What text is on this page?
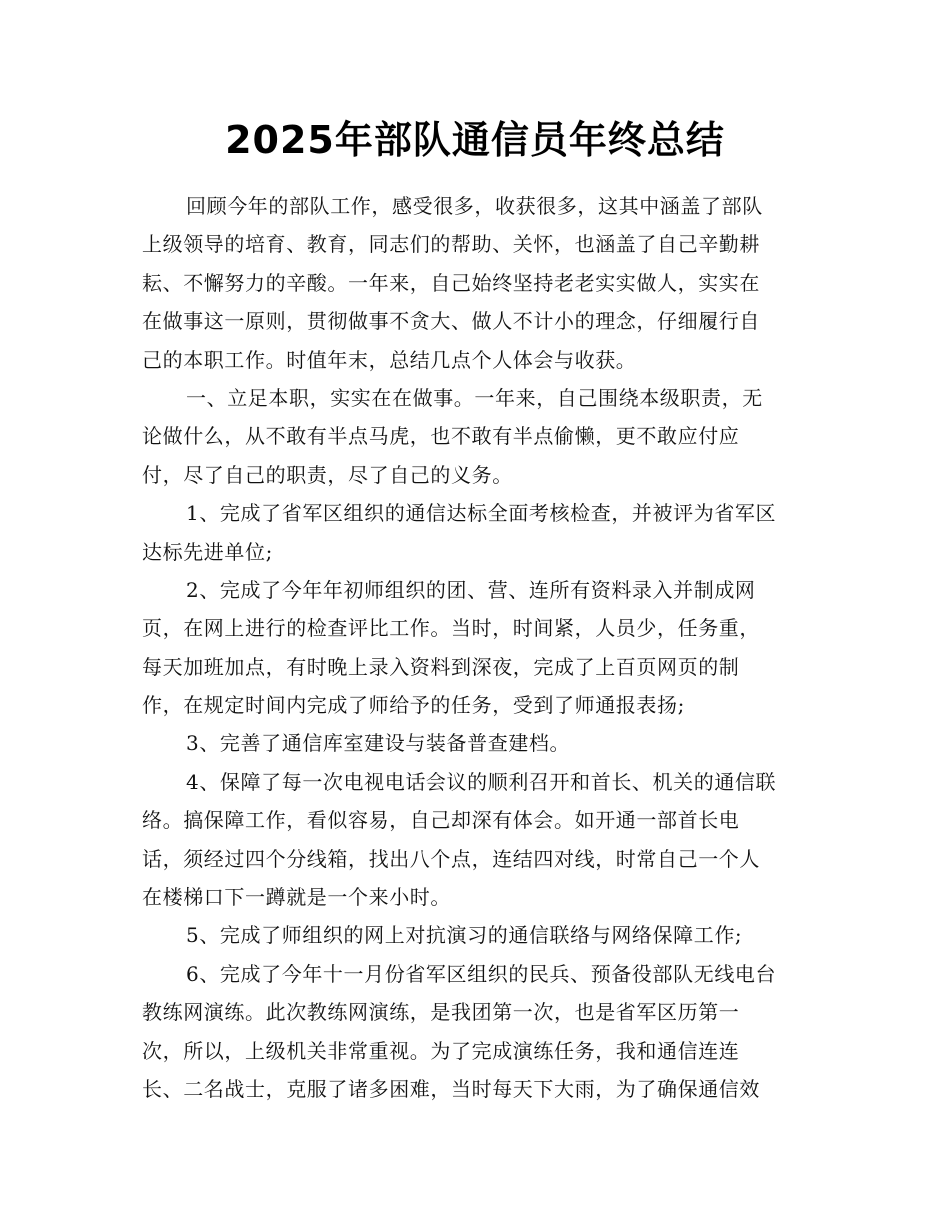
2025年部队通信员年终总结
回顾今年的部队工作，感受很多，收获很多，这其中涵盖了部队
上级领导的培育、教育，同志们的帮助、关怀，也涵盖了自己辛勤耕
耘、不懈努力的辛酸。一年来，自己始终坚持老老实实做人，实实在
在做事这一原则，贯彻做事不贪大、做人不计小的理念，仔细履行自
己的本职工作。时值年末，总结几点个人体会与收获。
一、立足本职，实实在在做事。一年来，自己围绕本级职责，无
论做什么，从不敢有半点马虎，也不敢有半点偷懒，更不敢应付应
付，尽了自己的职责，尽了自己的义务。
1、完成了省军区组织的通信达标全面考核检查，并被评为省军区
达标先进单位;
2、完成了今年年初师组织的团、营、连所有资料录入并制成网
页，在网上进行的检查评比工作。当时，时间紧，人员少，任务重，
每天加班加点，有时晚上录入资料到深夜，完成了上百页网页的制
作，在规定时间内完成了师给予的任务，受到了师通报表扬;
3、完善了通信库室建设与装备普查建档。
4、保障了每一次电视电话会议的顺利召开和首长、机关的通信联
络。搞保障工作，看似容易，自己却深有体会。如开通一部首长电
话，须经过四个分线箱，找出八个点，连结四对线，时常自己一个人
在楼梯口下一蹲就是一个来小时。
5、完成了师组织的网上对抗演习的通信联络与网络保障工作;
6、完成了今年十一月份省军区组织的民兵、预备役部队无线电台
教练网演练。此次教练网演练，是我团第一次，也是省军区历第一
次，所以，上级机关非常重视。为了完成演练任务，我和通信连连
长、二名战士，克服了诸多困难，当时每天下大雨，为了确保通信效
